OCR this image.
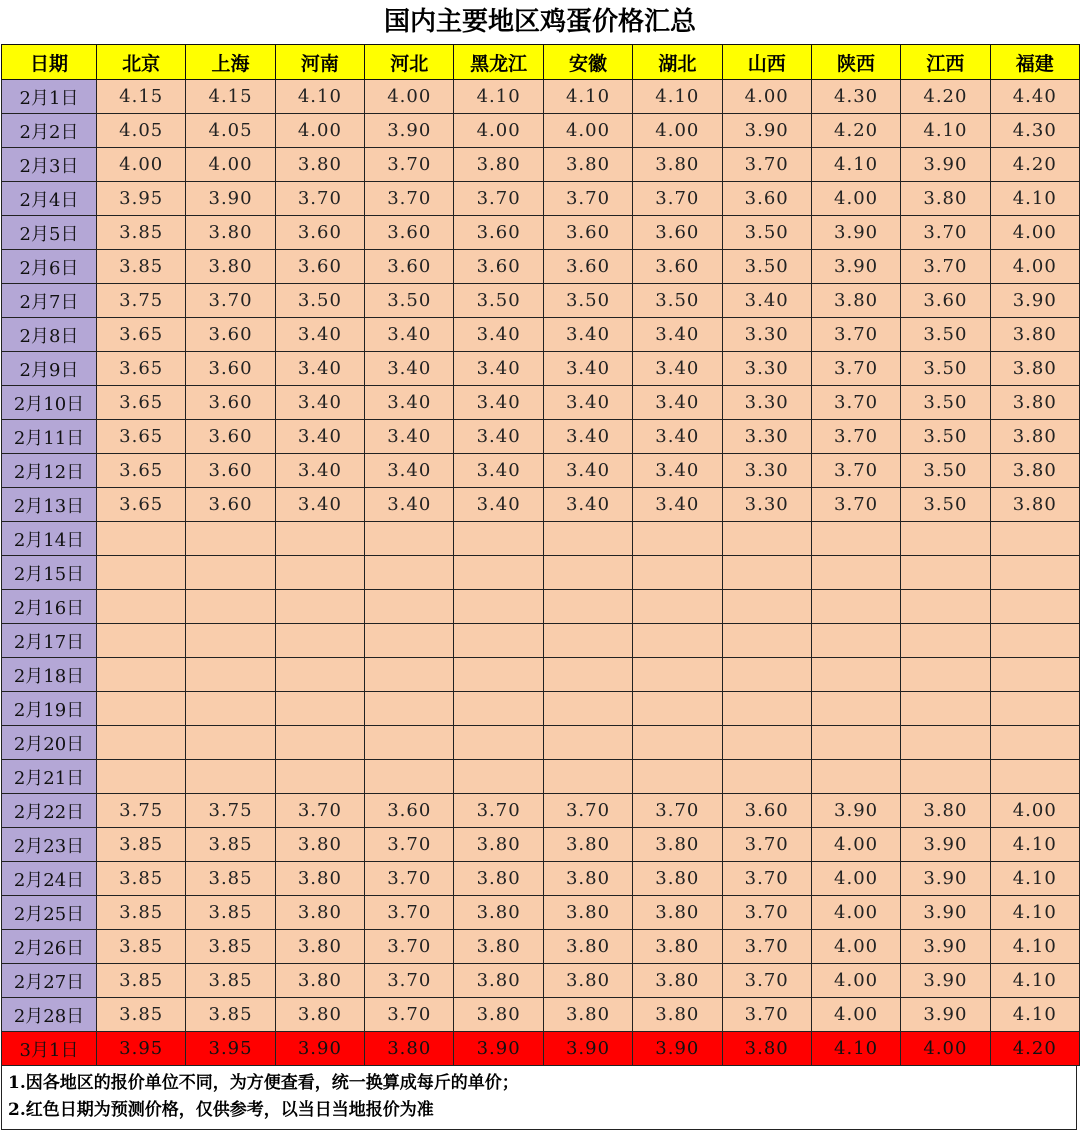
国内主要地区鸡蛋价格汇总
日期	北京	上海	河南	河北	黑龙江	安徽	湖北	山西	陕西	江西	福建
2月1日	4.15	4.15	4.10	4.00	4.10	4.10	4.10	4.00	4.30	4.20	4.40
2月2日	4.05	4.05	4.00	3.90	4.00	4.00	4.00	3.90	4.20	4.10	4.30
2月3日	4.00	4.00	3.80	3.70	3.80	3.80	3.80	3.70	4.10	3.90	4.20
2月4日	3.95	3.90	3.70	3.70	3.70	3.70	3.70	3.60	4.00	3.80	4.10
2月5日	3.85	3.80	3.60	3.60	3.60	3.60	3.60	3.50	3.90	3.70	4.00
2月6日	3.85	3.80	3.60	3.60	3.60	3.60	3.60	3.50	3.90	3.70	4.00
2月7日	3.75	3.70	3.50	3.50	3.50	3.50	3.50	3.40	3.80	3.60	3.90
2月8日	3.65	3.60	3.40	3.40	3.40	3.40	3.40	3.30	3.70	3.50	3.80
2月9日	3.65	3.60	3.40	3.40	3.40	3.40	3.40	3.30	3.70	3.50	3.80
2月10日	3.65	3.60	3.40	3.40	3.40	3.40	3.40	3.30	3.70	3.50	3.80
2月11日	3.65	3.60	3.40	3.40	3.40	3.40	3.40	3.30	3.70	3.50	3.80
2月12日	3.65	3.60	3.40	3.40	3.40	3.40	3.40	3.30	3.70	3.50	3.80
2月13日	3.65	3.60	3.40	3.40	3.40	3.40	3.40	3.30	3.70	3.50	3.80
2月14日											
2月15日											
2月16日											
2月17日											
2月18日											
2月19日											
2月20日											
2月21日											
2月22日	3.75	3.75	3.70	3.60	3.70	3.70	3.70	3.60	3.90	3.80	4.00
2月23日	3.85	3.85	3.80	3.70	3.80	3.80	3.80	3.70	4.00	3.90	4.10
2月24日	3.85	3.85	3.80	3.70	3.80	3.80	3.80	3.70	4.00	3.90	4.10
2月25日	3.85	3.85	3.80	3.70	3.80	3.80	3.80	3.70	4.00	3.90	4.10
2月26日	3.85	3.85	3.80	3.70	3.80	3.80	3.80	3.70	4.00	3.90	4.10
2月27日	3.85	3.85	3.80	3.70	3.80	3.80	3.80	3.70	4.00	3.90	4.10
2月28日	3.85	3.85	3.80	3.70	3.80	3.80	3.80	3.70	4.00	3.90	4.10
3月1日	3.95	3.95	3.90	3.80	3.90	3.90	3.90	3.80	4.10	4.00	4.20
1.因各地区的报价单位不同，为方便查看，统一换算成每斤的单价；
2.红色日期为预测价格，仅供参考，以当日当地报价为准
